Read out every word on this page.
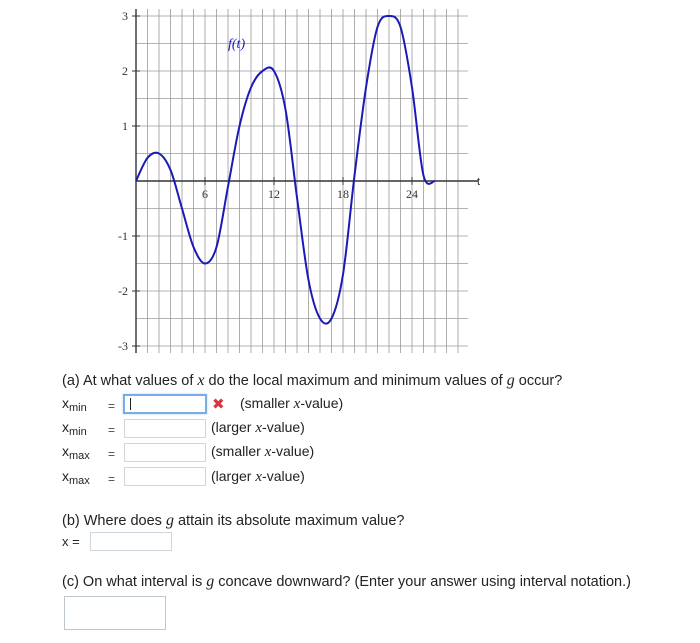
6	12	18	24
3
2
1
-1
-2
-3
f(t)
t
(a) At what values of x do the local maximum and minimum values of g occur?
$x_{min}$ =	✖ (smaller x-value)
$x_{min}$ =	(larger x-value)
$x_{max}$ =	(smaller x-value)
$x_{max}$ =	(larger x-value)
(b) Where does g attain its absolute maximum value?
x =
(c) On what interval is g concave downward? (Enter your answer using interval notation.)
